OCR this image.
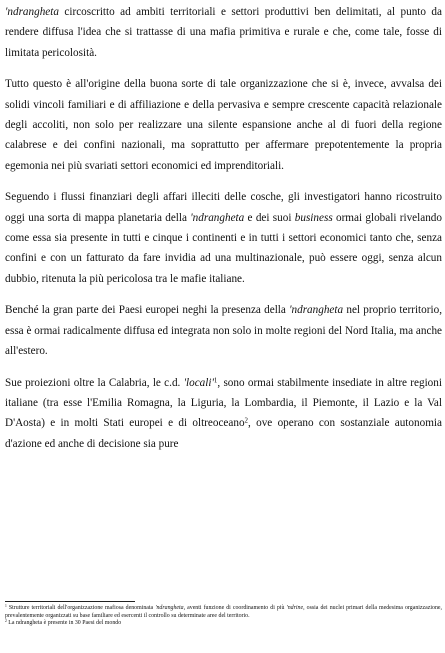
'ndrangheta circoscritto ad ambiti territoriali e settori produttivi ben delimitati, al punto da rendere diffusa l'idea che si trattasse di una mafia primitiva e rurale e che, come tale, fosse di limitata pericolosità.

Tutto questo è all'origine della buona sorte di tale organizzazione che si è, invece, avvalsa dei solidi vincoli familiari e di affiliazione e della pervasiva e sempre crescente capacità relazionale degli accoliti, non solo per realizzare una silente espansione anche al di fuori della regione calabrese e dei confini nazionali, ma soprattutto per affermare prepotentemente la propria egemonia nei più svariati settori economici ed imprenditoriali.

Seguendo i flussi finanziari degli affari illeciti delle cosche, gli investigatori hanno ricostruito oggi una sorta di mappa planetaria della 'ndrangheta e dei suoi business ormai globali rivelando come essa sia presente in tutti e cinque i continenti e in tutti i settori economici tanto che, senza confini e con un fatturato da fare invidia ad una multinazionale, può essere oggi, senza alcun dubbio, ritenuta la più pericolosa tra le mafie italiane.

Benché la gran parte dei Paesi europei neghi la presenza della 'ndrangheta nel proprio territorio, essa è ormai radicalmente diffusa ed integrata non solo in molte regioni del Nord Italia, ma anche all'estero.

Sue proiezioni oltre la Calabria, le c.d. '$locali'^1$, sono ormai stabilmente insediate in altre regioni italiane (tra esse l'Emilia Romagna, la Liguria, la Lombardia, il Piemonte, il Lazio e la Val D'Aosta) e in molti Stati europei e di oltreoceano$^2$, ove operano con sostanziale autonomia d'azione ed anche di decisione sia pure

$^1$ Strutture territoriali dell'organizzazione mafiosa denominata 'ndrangheta, aventi funzione di coordinamento di più 'ndrine, ossia dei nuclei primari della medesima organizzazione, prevalentemente organizzati su base familiare ed esercenti il controllo su determinate aree del territorio.

$^2$ La ndrangheta è presente in 30 Paesi del mondo
